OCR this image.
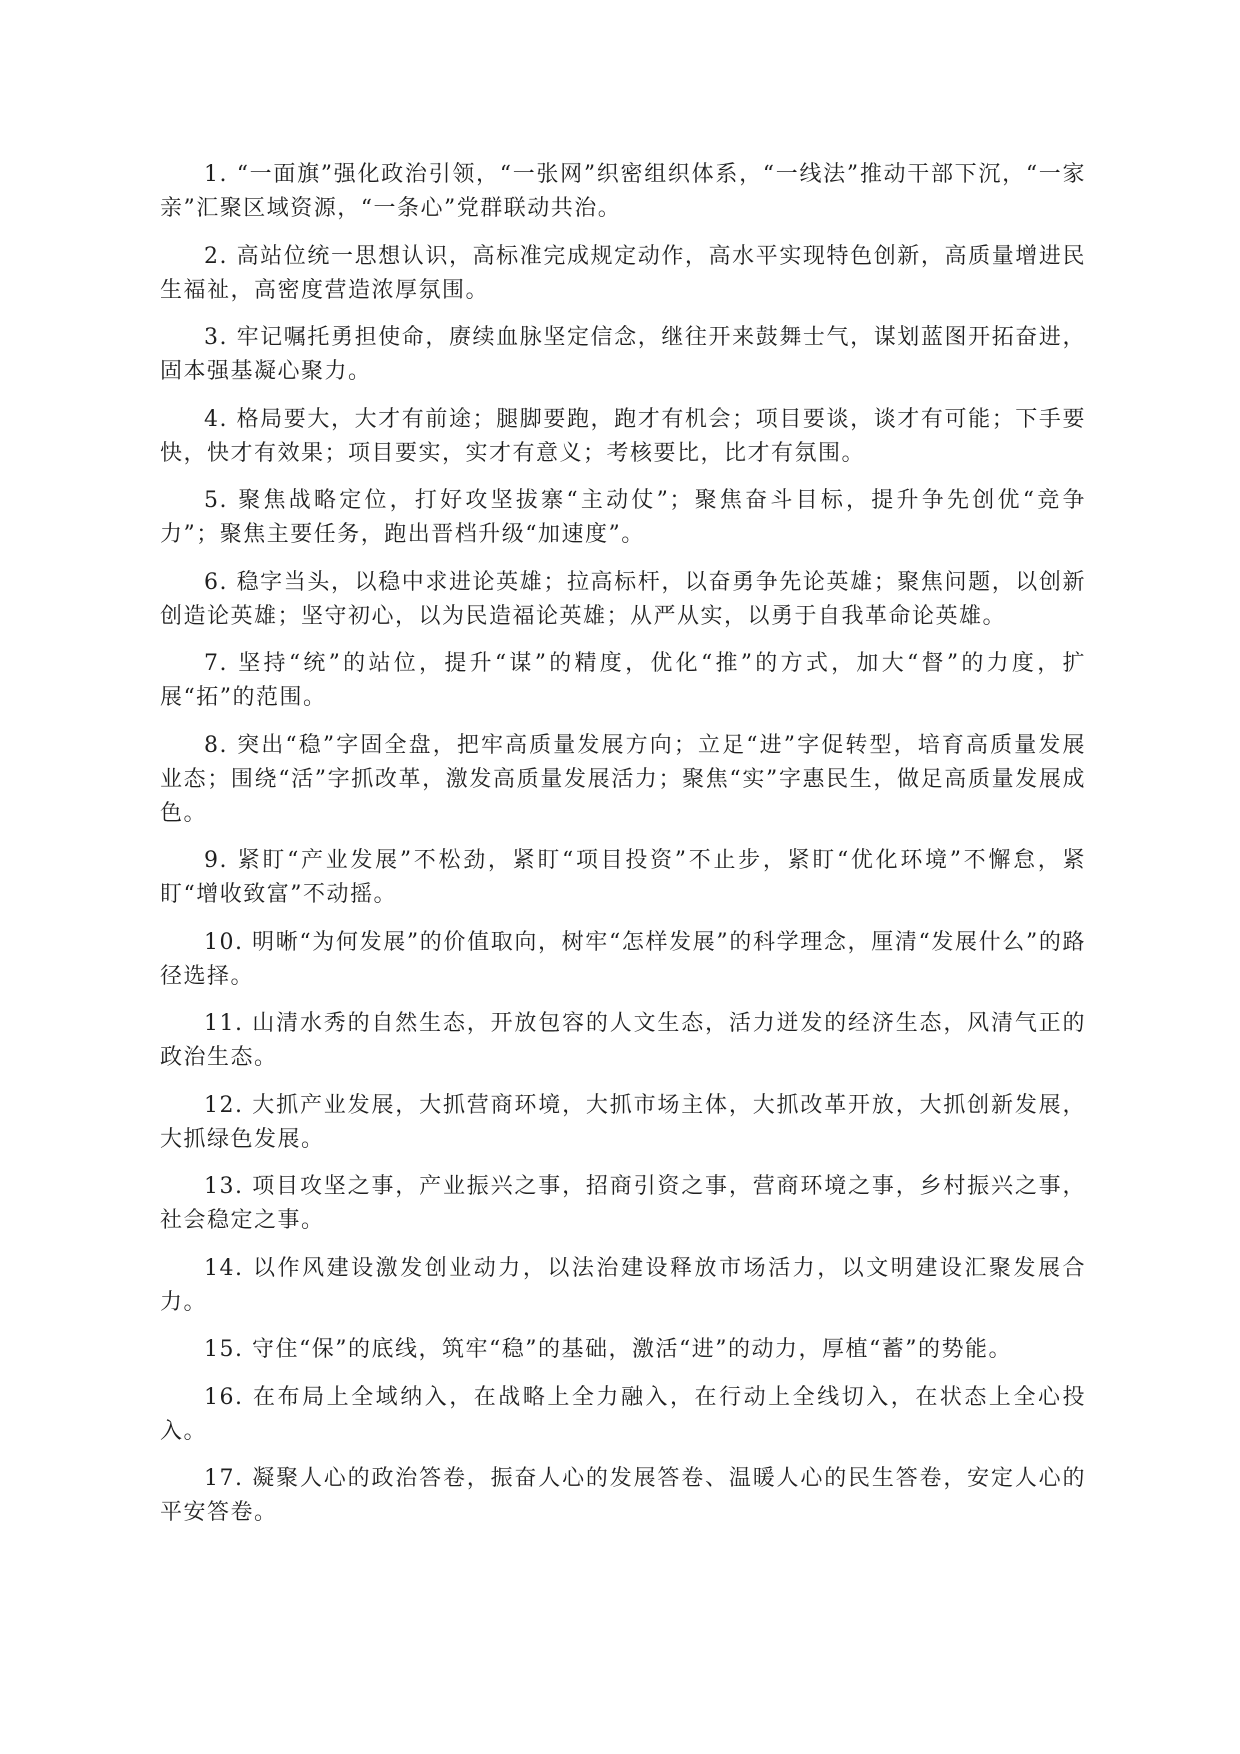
1. “一面旗”强化政治引领，“一张网”织密组织体系，“一线法”推动干部下沉，“一家亲”汇聚区域资源，“一条心”党群联动共治。

2. 高站位统一思想认识，高标准完成规定动作，高水平实现特色创新，高质量增进民生福祉，高密度营造浓厚氛围。

3. 牢记嘱托勇担使命，赓续血脉坚定信念，继往开来鼓舞士气，谋划蓝图开拓奋进，固本强基凝心聚力。

4. 格局要大，大才有前途；腿脚要跑，跑才有机会；项目要谈，谈才有可能；下手要快，快才有效果；项目要实，实才有意义；考核要比，比才有氛围。

5. 聚焦战略定位，打好攻坚拔寨“主动仗”；聚焦奋斗目标，提升争先创优“竞争力”；聚焦主要任务，跑出晋档升级“加速度”。

6. 稳字当头，以稳中求进论英雄；拉高标杆，以奋勇争先论英雄；聚焦问题，以创新创造论英雄；坚守初心，以为民造福论英雄；从严从实，以勇于自我革命论英雄。

7. 坚持“统”的站位，提升“谋”的精度，优化“推”的方式，加大“督”的力度，扩展“拓”的范围。

8. 突出“稳”字固全盘，把牢高质量发展方向；立足“进”字促转型，培育高质量发展业态；围绕“活”字抓改革，激发高质量发展活力；聚焦“实”字惠民生，做足高质量发展成色。

9. 紧盯“产业发展”不松劲，紧盯“项目投资”不止步，紧盯“优化环境”不懈怠，紧盯“增收致富”不动摇。

10. 明晰“为何发展”的价值取向，树牢“怎样发展”的科学理念，厘清“发展什么”的路径选择。

11. 山清水秀的自然生态，开放包容的人文生态，活力迸发的经济生态，风清气正的政治生态。

12. 大抓产业发展，大抓营商环境，大抓市场主体，大抓改革开放，大抓创新发展，大抓绿色发展。

13. 项目攻坚之事，产业振兴之事，招商引资之事，营商环境之事，乡村振兴之事，社会稳定之事。

14. 以作风建设激发创业动力，以法治建设释放市场活力，以文明建设汇聚发展合力。

15. 守住“保”的底线，筑牢“稳”的基础，激活“进”的动力，厚植“蓄”的势能。

16. 在布局上全域纳入，在战略上全力融入，在行动上全线切入，在状态上全心投入。

17. 凝聚人心的政治答卷，振奋人心的发展答卷、温暖人心的民生答卷，安定人心的平安答卷。
